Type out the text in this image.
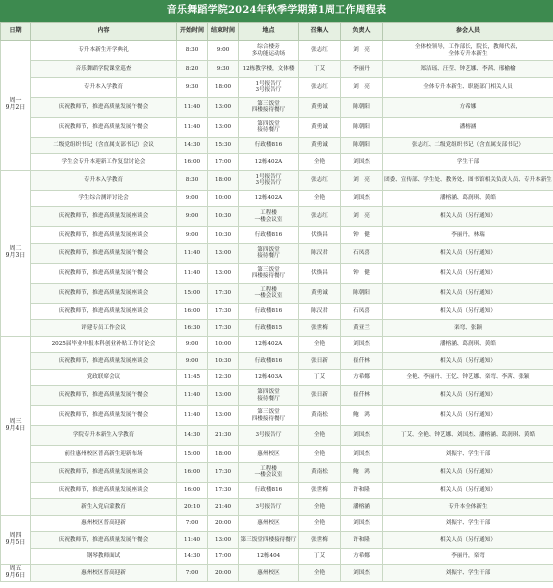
音乐舞蹈学院2024年秋季学期第1周工作周程表
日期	内容	开始时间	结束时间	地点	召集人	负责人	参会人员
周一
9月2日	专升本新生开学典礼	8:30	9:00	综合楼旁
多功能运动场	张志红	刘　亮	全体校领导，工作部长，院长，教师代表，
全体专升本新生
	音乐舞蹈学院课堂巡查	8:20	9:30	12栋教学楼，文体楼	丁艾	李丽丹	郑洁瑶、汪莹、钟艺娜、李茜、邢榆榆
	专升本入学教育	9:30	18:00	1号报告厅
3号报告厅	张志红	刘　亮	全体专升本新生、职能部门相关人员
	庆祝教师节，推进高质量发展午餐会	11:40	13:00	第三饭堂
四楼接待餐厅	黄勇诚	陈朝阳	方希娜
	庆祝教师节，推进高质量发展午餐会	11:40	13:00	第四饭堂
接待餐厅	黄勇诚	陈朝阳	潘榕涵
	二级党组织书记（含直属支部书记）会议	14:30	15:30	行政楼816	黄勇诚	陈朝阳	张志红、二级党组织书记（含直属支部书记）
	学生会专升本迎新工作复盘讨论会	16:00	17:00	12栋402A	全艳	刘国杰	学生干部
周二
9月3日	专升本入学教育	8:30	18:00	1号报告厅
3号报告厅	张志红	刘　亮	团委、宣传部、学生处、教务处、图书馆相关负责人员、专升本新生
	学生综合测评讨论会	9:00	10:00	12栋402A	全艳	刘国杰	潘榕涵、葛润琪、黄皓
	庆祝教师节，推进高质量发展座谈会	9:00	10:30	工程楼
一楼会议室	张志红	刘　亮	相关人员（另行通知）
	庆祝教师节，推进高质量发展座谈会	9:00	10:30	行政楼816	伏焕昌	钟　健	李丽丹，林瑞
	庆祝教师节，推进高质量发展午餐会	11:40	13:00	第四饭堂
接待餐厅	陈汉君	石凤喜	相关人员（另行通知）
	庆祝教师节，推进高质量发展午餐会	11:40	13:00	第三饭堂
四楼接待餐厅	伏焕昌	钟　健	相关人员（另行通知）
	庆祝教师节，推进高质量发展座谈会	15:00	17:30	工程楼
一楼会议室	黄勇诚	陈朝阳	相关人员（另行通知）
	庆祝教师节，推进高质量发展座谈会	16:00	17:30	行政楼816	陈汉君	石凤喜	相关人员（另行通知）
	评建专员工作会议	16:30	17:30	行政楼815	张世梅	黄亚兰	栾弯、张颖
周三
9月4日	2025届毕业申报本科创业补贴工作讨论会	9:00	10:00	12栋402A	全艳	刘国杰	潘榕涵、葛润琪、黄皓
	庆祝教师节，推进高质量发展座谈会	9:00	10:30	行政楼816	张日新	崔仟林	相关人员（另行通知）
	党政联席会议	11:45	12:30	12栋403A	丁艾	方希娜	全艳、李丽丹、王忆、钟艺娜、栾弯、李茜、张颖
	庆祝教师节，推进高质量发展午餐会	11:40	13:00	第四饭堂
接待餐厅	张日新	崔仟林	相关人员（另行通知）
	庆祝教师节，推进高质量发展午餐会	11:40	13:00	第三饭堂
四楼接待餐厅	黄南松	鲍　鸿	相关人员（另行通知）
	学院专升本新生入学教育	14:30	21:30	3号报告厅	全艳	刘国杰	丁艾、全艳、钟艺娜、刘国杰、潘榕涵、葛润琪、黄皓
	前往惠州校区普高新生迎新布场	15:00	18:00	惠州校区	全艳	刘国杰	刘振宇、学生干部
	庆祝教师节，推进高质量发展座谈会	16:00	17:30	工程楼
一楼会议室	黄南松	鲍　鸿	相关人员（另行通知）
	庆祝教师节，推进高质量发展座谈会	16:00	17:30	行政楼816	张世梅	许和隆	相关人员（另行通知）
	新生入党启蒙教育	20:10	21:40	3号报告厅	全艳	潘榕涵	专升本全体新生
周四
9月5日	惠州校区普高迎新	7:00	20:00	惠州校区	全艳	刘国杰	刘振宇、学生干部
	庆祝教师节，推进高质量发展午餐会	11:40	13:00	第三饭堂四楼接待餐厅	张世梅	许和隆	相关人员（另行通知）
	钢琴教师面试	14:30	17:00	12栋404	丁艾	方希娜	李丽丹，栾弯
周五
9月6日	惠州校区普高迎新	7:00	20:00	惠州校区	全艳	刘国杰	刘振宇、学生干部
